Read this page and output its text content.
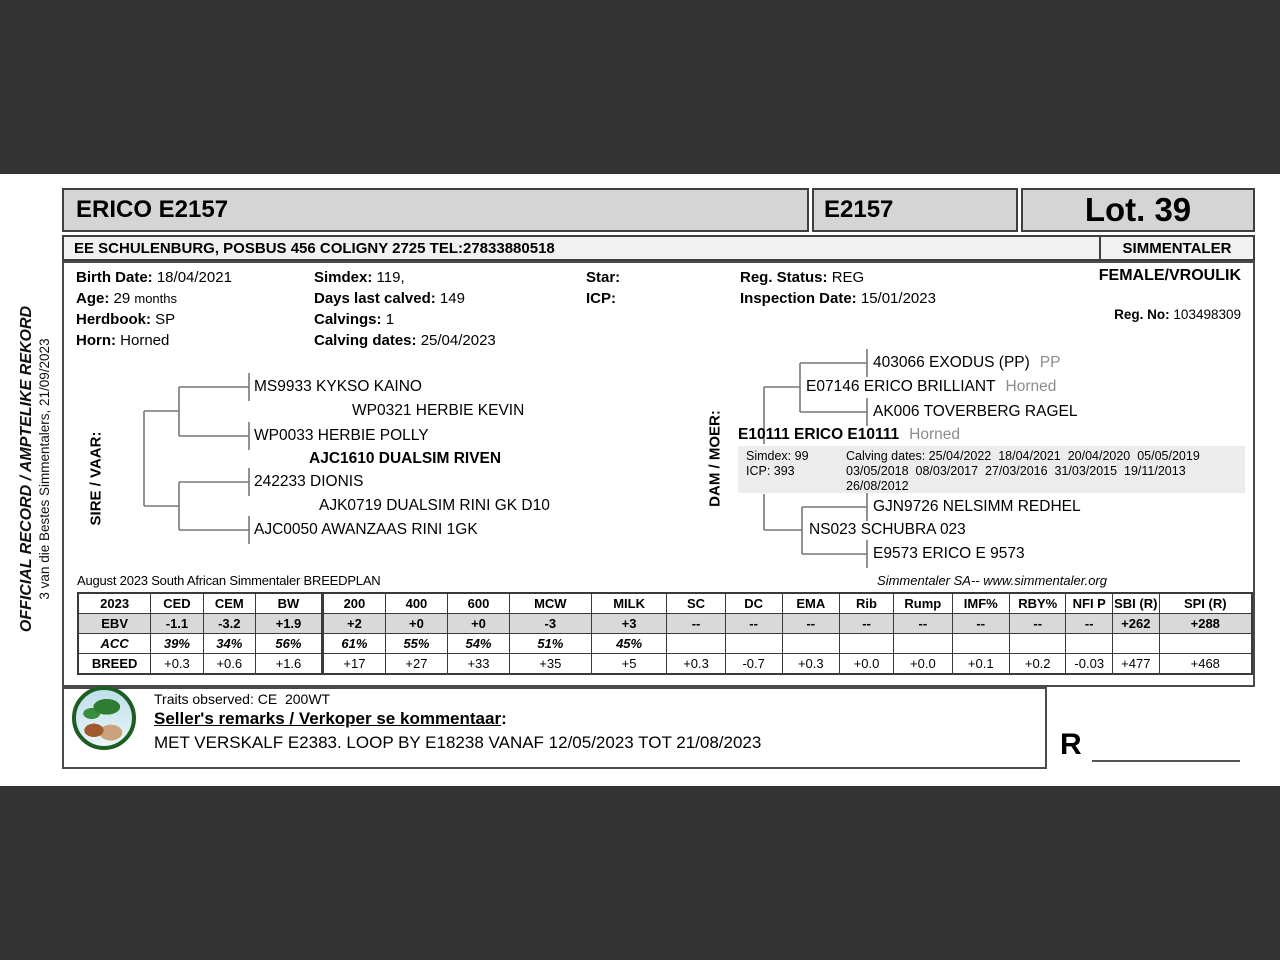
OFFICIAL RECORD / AMPTELIKE REKORD 3 van die Bestes Simmentalers, 21/09/2023
ERICO E2157	E2157	Lot. 39
EE SCHULENBURG, POSBUS 456 COLIGNY 2725 TEL:27833880518	SIMMENTALER
Birth Date: 18/04/2021
Age: 29 months
Herdbook: SP
Horn: Horned
Simdex: 119,
Days last calved: 149
Calvings: 1
Calving dates: 25/04/2023
Star:
ICP:
Reg. Status: REG
Inspection Date: 15/01/2023
FEMALE/VROULIK
Reg. No: 103498309
SIRE / VAAR:
MS9933 KYKSO KAINO
WP0321 HERBIE KEVIN
WP0033 HERBIE POLLY
AJC1610 DUALSIM RIVEN
242233 DIONIS
AJK0719 DUALSIM RINI GK D10
AJC0050 AWANZAAS RINI 1GK
DAM / MOER:
403066 EXODUS (PP) PP
E07146 ERICO BRILLIANT Horned
AK006 TOVERBERG RAGEL
E10111 ERICO E10111 Horned
Simdex: 99
ICP: 393
Calving dates: 25/04/2022  18/04/2021  20/04/2020  05/05/2019
03/05/2018  08/03/2017  27/03/2016  31/03/2015  19/11/2013
26/08/2012
GJN9726 NELSIMM REDHEL
NS023 SCHUBRA 023
E9573 ERICO E 9573
August 2023 South African Simmentaler BREEDPLAN	Simmentaler SA-- www.simmentaler.org
2023	CED	CEM	BW	200	400	600	MCW	MILK	SC	DC	EMA	Rib	Rump	IMF%	RBY%	NFI P	SBI (R)	SPI (R)
EBV	-1.1	-3.2	+1.9	+2	+0	+0	-3	+3	--	--	--	--	--	--	--	--	+262	+288
ACC	39%	34%	56%	61%	55%	54%	51%	45%										
BREED	+0.3	+0.6	+1.6	+17	+27	+33	+35	+5	+0.3	-0.7	+0.3	+0.0	+0.0	+0.1	+0.2	-0.03	+477	+468
Traits observed: CE  200WT
Seller's remarks / Verkoper se kommentaar:
MET VERSKALF E2383. LOOP BY E18238 VANAF 12/05/2023 TOT 21/08/2023	R
